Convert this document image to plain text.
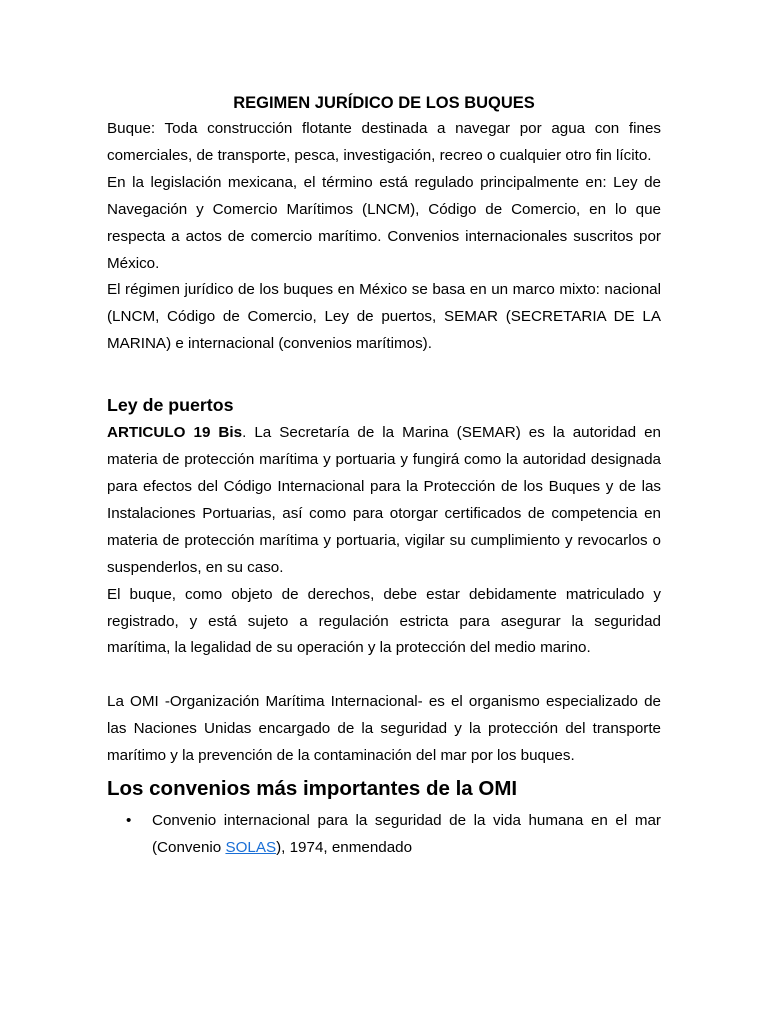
REGIMEN JURÍDICO DE LOS BUQUES

Buque: Toda construcción flotante destinada a navegar por agua con fines comerciales, de transporte, pesca, investigación, recreo o cualquier otro fin lícito.

En la legislación mexicana, el término está regulado principalmente en: Ley de Navegación y Comercio Marítimos (LNCM), Código de Comercio, en lo que respecta a actos de comercio marítimo. Convenios internacionales suscritos por México.

El régimen jurídico de los buques en México se basa en un marco mixto: nacional (LNCM, Código de Comercio, Ley de puertos, SEMAR (SECRETARIA DE LA MARINA) e internacional (convenios marítimos).

Ley de puertos

ARTICULO 19 Bis. La Secretaría de la Marina (SEMAR) es la autoridad en materia de protección marítima y portuaria y fungirá como la autoridad designada para efectos del Código Internacional para la Protección de los Buques y de las Instalaciones Portuarias, así como para otorgar certificados de competencia en materia de protección marítima y portuaria, vigilar su cumplimiento y revocarlos o suspenderlos, en su caso.

El buque, como objeto de derechos, debe estar debidamente matriculado y registrado, y está sujeto a regulación estricta para asegurar la seguridad marítima, la legalidad de su operación y la protección del medio marino.

La OMI -Organización Marítima Internacional- es el organismo especializado de las Naciones Unidas encargado de la seguridad y la protección del transporte marítimo y la prevención de la contaminación del mar por los buques.

Los convenios más importantes de la OMI
• Convenio internacional para la seguridad de la vida humana en el mar (Convenio SOLAS), 1974, enmendado
